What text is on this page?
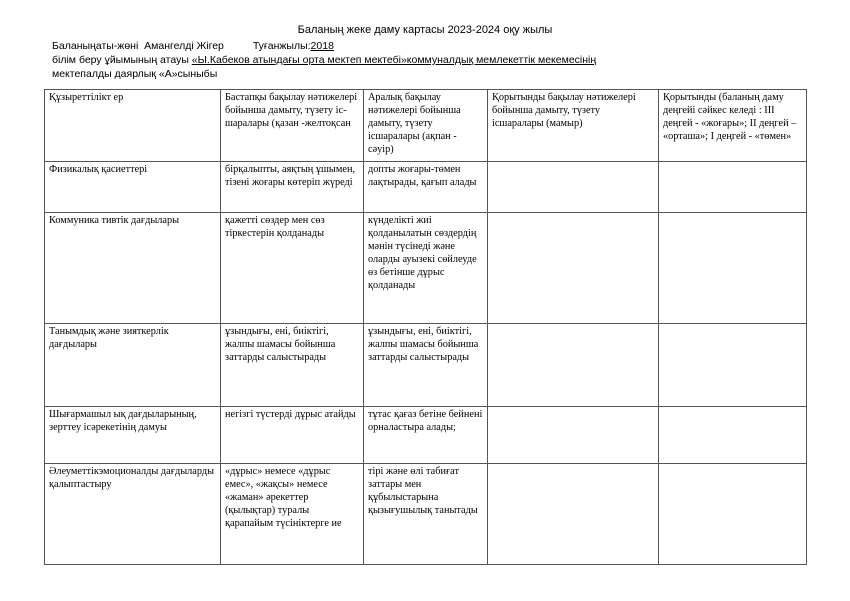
Баланың жеке даму картасы 2023-2024 оқу жылы
Баланыңаты-жөні Амангелді Жігер	Туғанжылы:2018
білім беру ұйымының атауы «Ы.Кабеков атындағы орта мектеп мектебі»коммуналдық мемлекеттік мекемесінің
мектепалды даярлық «А»сыныбы
Құзыреттілікт ер	Бастапқы бақылау нәтижелері бойынша дамыту, түзету іс-шаралары (қазан -желтоқсан	Аралық бақылау нәтижелері бойынша дамыту, түзету ісшаралары (ақпан - сәуір)	Қорытынды бақылау нәтижелері бойынша дамыту, түзету ісшаралары (мамыр)	Қорытынды (баланың даму деңгейі сәйкес келеді : ІІІ деңгей - «жоғары»; ІІ деңгей – «орташа»; І деңгей - «төмен»
Физикалық қасиеттері	бірқалыпты, аяқтың ұшымен, тізені жоғары көтеріп жүреді	допты жоғары-төмен лақтырады, қағып алады		
Коммуника тивтік дағдылары	қажетті сөздер мен сөз тіркестерін қолданады	күнделікті жиі қолданылатын сөздердің мәнін түсінеді және оларды ауызекі сөйлеуде өз бетінше дұрыс қолданады		
Танымдық және зияткерлік дағдылары	ұзындығы, ені, биіктігі, жалпы шамасы бойынша заттарды салыстырады	ұзындығы, ені, биіктігі, жалпы шамасы бойынша заттарды салыстырады		
Шығармашыл ық дағдыларының, зерттеу ісәрекетінің дамуы	негізгі түстерді дұрыс атайды	тұтас қағаз бетіне бейнені орналастыра алады;		
Әлеуметтікэмоционалды дағдыларды қалыптастыру	«дұрыс» немесе «дұрыс емес», «жақсы» немесе «жаман» әрекеттер (қылықтар) туралы қарапайым түсініктерге ие	тірі және өлі табиғат заттары мен құбылыстарына қызығушылық танытады		
